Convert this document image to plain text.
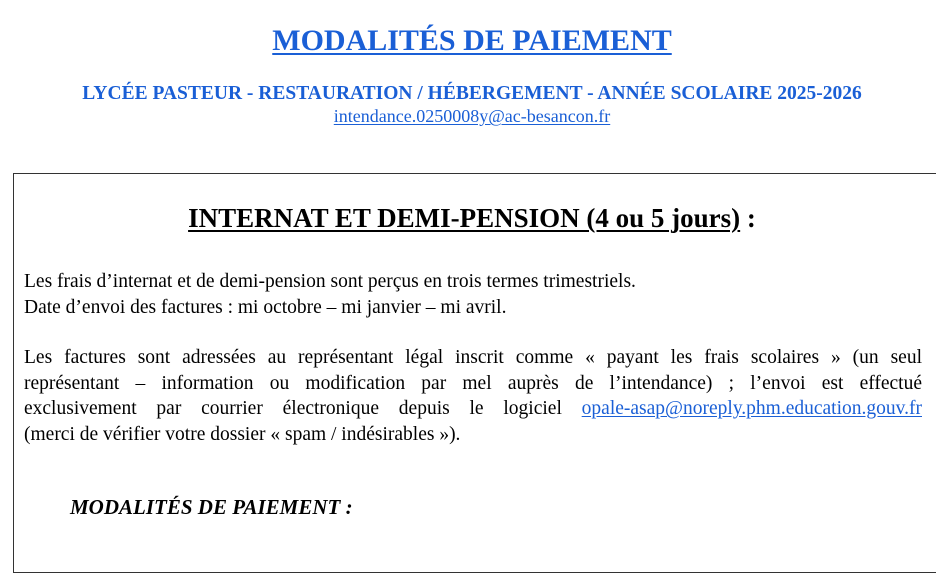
MODALITÉS DE PAIEMENT
LYCÉE PASTEUR - RESTAURATION / HÉBERGEMENT - ANNÉE SCOLAIRE 2025-2026
intendance.0250008y@ac-besancon.fr
INTERNAT ET DEMI-PENSION (4 ou 5 jours) :
Les frais d’internat et de demi-pension sont perçus en trois termes trimestriels.
Date d’envoi des factures : mi octobre – mi janvier – mi avril.
Les factures sont adressées au représentant légal inscrit comme « payant les frais scolaires » (un seul
représentant – information ou modification par mel auprès de l’intendance) ; l’envoi est effectué
exclusivement par courrier électronique depuis le logiciel opale-asap@noreply.phm.education.gouv.fr
(merci de vérifier votre dossier « spam / indésirables »).
MODALITÉS DE PAIEMENT :
